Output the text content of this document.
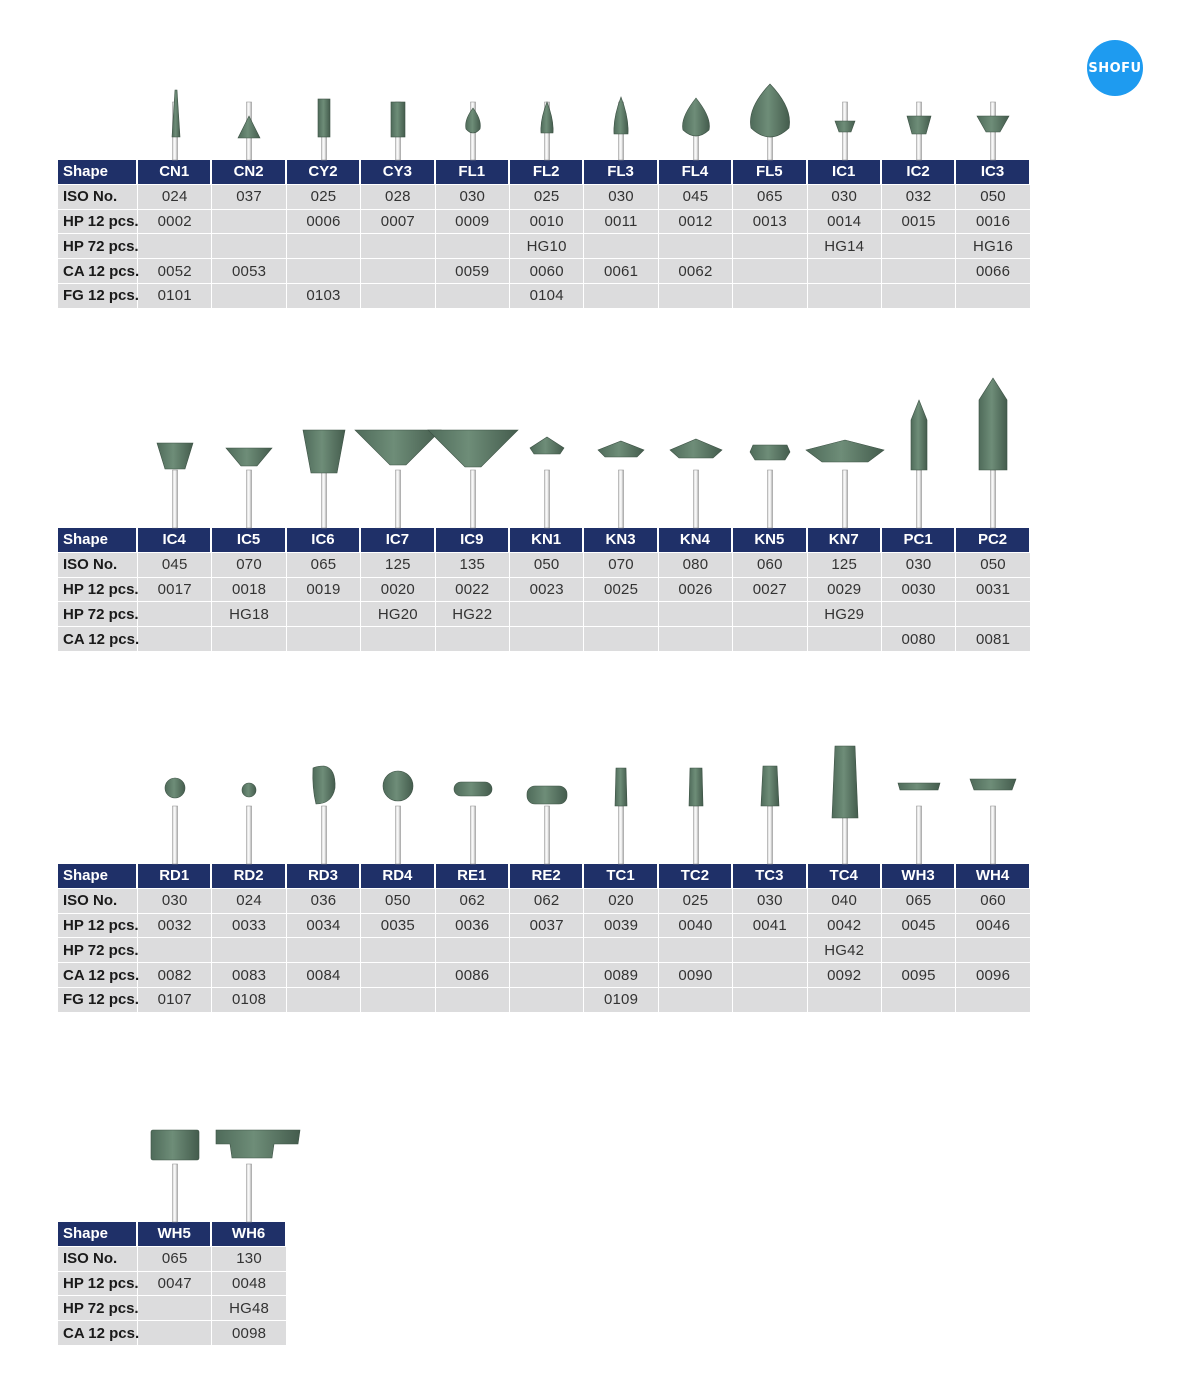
SHOFU
Shape	CN1	CN2	CY2	CY3	FL1	FL2	FL3	FL4	FL5	IC1	IC2	IC3
ISO No.	024	037	025	028	030	025	030	045	065	030	032	050
HP 12 pcs.	0002		0006	0007	0009	0010	0011	0012	0013	0014	0015	0016
HP 72 pcs.						HG10				HG14		HG16
CA 12 pcs.	0052	0053			0059	0060	0061	0062				0066
FG 12 pcs.	0101		0103			0104						
Shape	IC4	IC5	IC6	IC7	IC9	KN1	KN3	KN4	KN5	KN7	PC1	PC2
ISO No.	045	070	065	125	135	050	070	080	060	125	030	050
HP 12 pcs.	0017	0018	0019	0020	0022	0023	0025	0026	0027	0029	0030	0031
HP 72 pcs.		HG18		HG20	HG22					HG29		
CA 12 pcs.											0080	0081
Shape	RD1	RD2	RD3	RD4	RE1	RE2	TC1	TC2	TC3	TC4	WH3	WH4
ISO No.	030	024	036	050	062	062	020	025	030	040	065	060
HP 12 pcs.	0032	0033	0034	0035	0036	0037	0039	0040	0041	0042	0045	0046
HP 72 pcs.										HG42		
CA 12 pcs.	0082	0083	0084		0086		0089	0090		0092	0095	0096
FG 12 pcs.	0107	0108					0109					
Shape	WH5	WH6
ISO No.	065	130
HP 12 pcs.	0047	0048
HP 72 pcs.		HG48
CA 12 pcs.		0098
